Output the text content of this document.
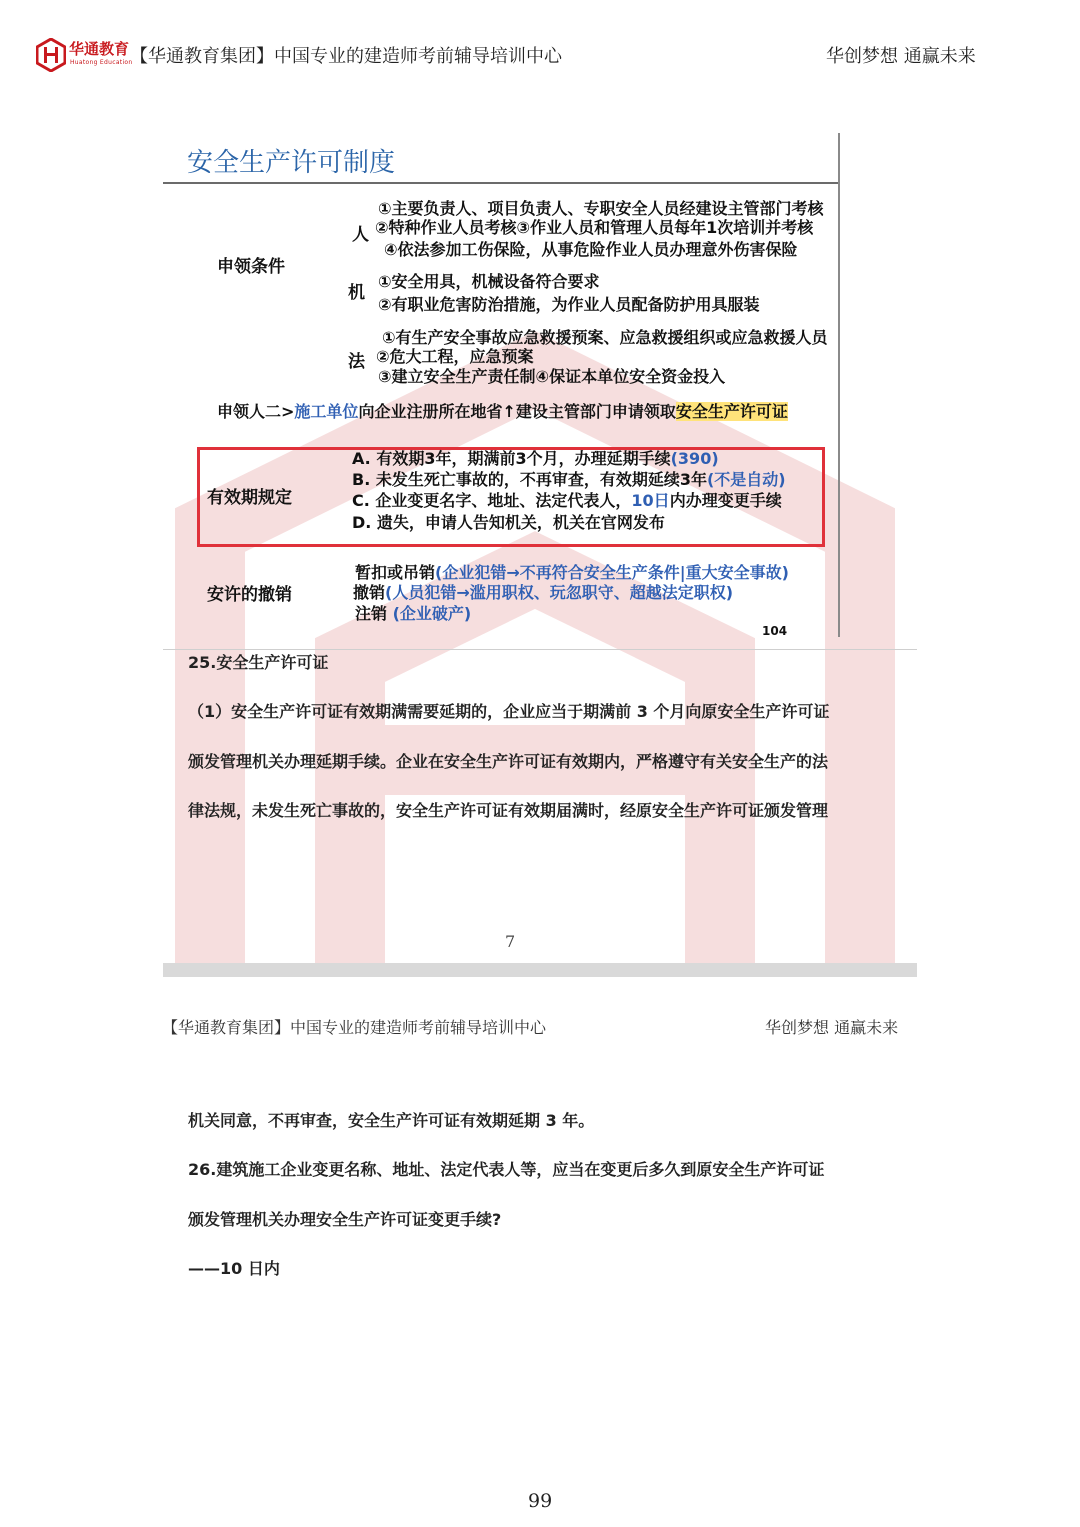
华通教育
Huatong Education
【华通教育集团】中国专业的建造师考前辅导培训中心	华创梦想 通赢未来
安全生产许可制度
申领条件
人
①主要负责人、项目负责人、专职安全人员经建设主管部门考核
②特种作业人员考核③作业人员和管理人员每年1次培训并考核
④依法参加工伤保险，从事危险作业人员办理意外伤害保险
机
①安全用具，机械设备符合要求
②有职业危害防治措施，为作业人员配备防护用具服装
法
①有生产安全事故应急救援预案、应急救援组织或应急救援人员
②危大工程，应急预案
③建立安全生产责任制④保证本单位安全资金投入
申领人二>施工单位向企业注册所在地省↑建设主管部门申请领取安全生产许可证
有效期规定
A. 有效期3年，期满前3个月，办理延期手续(390)
B. 未发生死亡事故的，不再审查，有效期延续3年(不是自动)
C. 企业变更名字、地址、法定代表人，10日内办理变更手续
D. 遗失，申请人告知机关，机关在官网发布
安许的撤销
暂扣或吊销(企业犯错→不再符合安全生产条件|重大安全事故)
撤销(人员犯错→滥用职权、玩忽职守、超越法定职权)
注销 (企业破产)
104
25.安全生产许可证
（1）安全生产许可证有效期满需要延期的，企业应当于期满前 3 个月向原安全生产许可证
颁发管理机关办理延期手续。企业在安全生产许可证有效期内，严格遵守有关安全生产的法
律法规，未发生死亡事故的，安全生产许可证有效期届满时，经原安全生产许可证颁发管理
7
【华通教育集团】中国专业的建造师考前辅导培训中心	华创梦想 通赢未来
机关同意，不再审查，安全生产许可证有效期延期 3 年。
26.建筑施工企业变更名称、地址、法定代表人等，应当在变更后多久到原安全生产许可证
颁发管理机关办理安全生产许可证变更手续?
——10 日内
99
